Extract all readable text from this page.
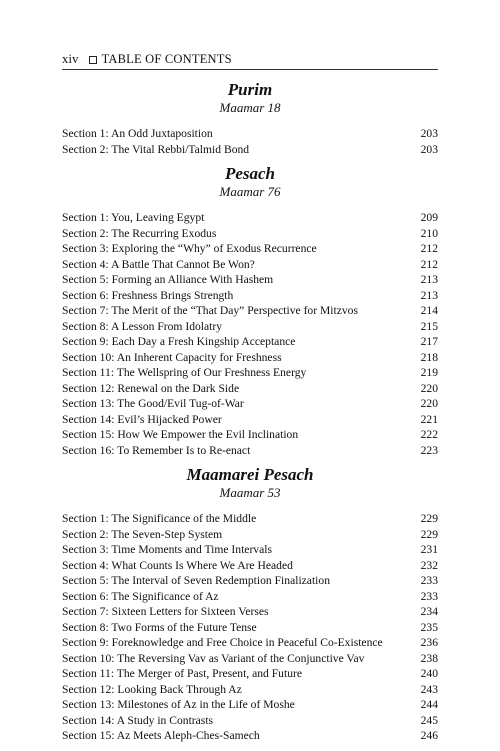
xiv TABLE OF CONTENTS
Purim
Maamar 18
Section 1: An Odd Juxtaposition	203
Section 2: The Vital Rebbi/Talmid Bond	203
Pesach
Maamar 76
Section 1: You, Leaving Egypt	209
Section 2: The Recurring Exodus	210
Section 3: Exploring the “Why” of Exodus Recurrence	212
Section 4: A Battle That Cannot Be Won?	212
Section 5: Forming an Alliance With Hashem	213
Section 6: Freshness Brings Strength	213
Section 7: The Merit of the “That Day” Perspective for Mitzvos	214
Section 8: A Lesson From Idolatry	215
Section 9: Each Day a Fresh Kingship Acceptance	217
Section 10: An Inherent Capacity for Freshness	218
Section 11: The Wellspring of Our Freshness Energy	219
Section 12: Renewal on the Dark Side	220
Section 13: The Good/Evil Tug-of-War	220
Section 14: Evil’s Hijacked Power	221
Section 15: How We Empower the Evil Inclination	222
Section 16: To Remember Is to Re-enact	223
Maamarei Pesach
Maamar 53
Section 1: The Significance of the Middle	229
Section 2: The Seven-Step System	229
Section 3: Time Moments and Time Intervals	231
Section 4: What Counts Is Where We Are Headed	232
Section 5: The Interval of Seven Redemption Finalization	233
Section 6: The Significance of Az	233
Section 7: Sixteen Letters for Sixteen Verses	234
Section 8: Two Forms of the Future Tense	235
Section 9: Foreknowledge and Free Choice in Peaceful Co-Existence	236
Section 10: The Reversing Vav as Variant of the Conjunctive Vav	238
Section 11: The Merger of Past, Present, and Future	240
Section 12: Looking Back Through Az	243
Section 13: Milestones of Az in the Life of Moshe	244
Section 14: A Study in Contrasts	245
Section 15: Az Meets Aleph-Ches-Samech	246
